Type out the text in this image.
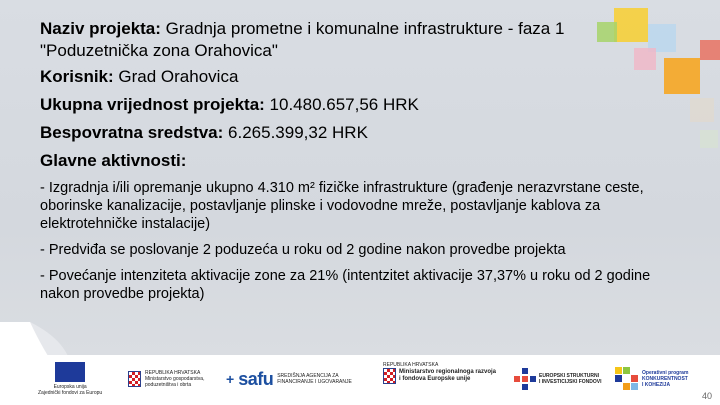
Naziv projekta: Gradnja prometne i komunalne infrastrukture - faza 1
"Poduzetnička zona Orahovica"
Korisnik: Grad Orahovica
Ukupna vrijednost projekta: 10.480.657,56 HRK
Bespovratna sredstva: 6.265.399,32 HRK
Glavne aktivnosti:

- Izgradnja i/ili opremanje ukupno 4.310 m² fizičke infrastrukture (građenje nerazvrstane ceste, oborinske kanalizacije, postavljanje plinske i vodovodne mreže, postavljanje kablova za elektrotehničke instalacije)

- Predviđa se poslovanje 2 poduzeća u roku od 2 godine nakon provedbe projekta

- Povećanje intenziteta aktivacije zone za 21% (intentzitet aktivacije 37,37% u roku od 2 godine nakon provedbe projekta)

Europska unija
Zajednički fondovi za Europu
REPUBLIKA HRVATSKA
Ministarstvo gospodarstva,
poduzetništva i obrta	+ safu SREDIŠNJA AGENCIJA ZA
FINANCIRANJE I UGOVARANJE
REPUBLIKA HRVATSKA
Ministarstvo regionalnoga razvoja
i fondova Europske unije	EUROPSKI STRUKTURNI
I INVESTICIJSKI FONDOVI
Operativni program
KONKURENTNOST
I KOHEZIJA
40
